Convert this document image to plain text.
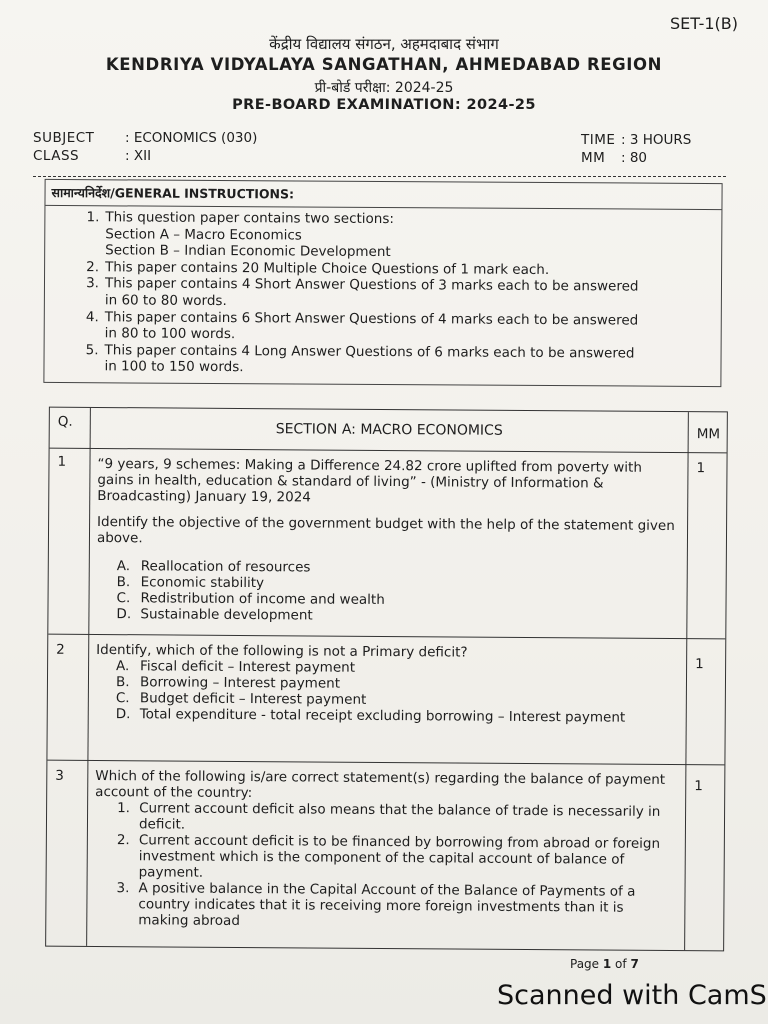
SET-1(B)
केंद्रीय विद्यालय संगठन, अहमदाबाद संभाग
KENDRIYA VIDYALAYA SANGATHAN, AHMEDABAD REGION
प्री-बोर्ड परीक्षा: 2024-25
PRE-BOARD EXAMINATION: 2024-25
SUBJECT : ECONOMICS (030)
CLASS	: XII
TIME : 3 HOURS
MM : 80
सामान्यनिर्देश/GENERAL INSTRUCTIONS:
1. This question paper contains two sections:
Section A – Macro Economics
Section B – Indian Economic Development
2. This paper contains 20 Multiple Choice Questions of 1 mark each.
3. This paper contains 4 Short Answer Questions of 3 marks each to be answered
in 60 to 80 words.
4. This paper contains 6 Short Answer Questions of 4 marks each to be answered
in 80 to 100 words.
5. This paper contains 4 Long Answer Questions of 6 marks each to be answered
in 100 to 150 words.
Q.	SECTION A: MACRO ECONOMICS	MM
1 “9 years, 9 schemes: Making a Difference 24.82 crore uplifted from poverty with gains in health, education & standard of living” - (Ministry of Information & Broadcasting) January 19, 2024

Identify the objective of the government budget with the help of the statement given above.

A. Reallocation of resources
B. Economic stability
C. Redistribution of income and wealth
D. Sustainable development
1
2 Identify, which of the following is not a Primary deficit?

A. Fiscal deficit – Interest payment
B. Borrowing – Interest payment
C. Budget deficit – Interest payment
D. Total expenditure - total receipt excluding borrowing – Interest payment
1
3 Which of the following is/are correct statement(s) regarding the balance of payment account of the country:

1. Current account deficit also means that the balance of trade is necessarily in deficit.
2. Current account deficit is to be financed by borrowing from abroad or foreign investment which is the component of the capital account of balance of payment.
3. A positive balance in the Capital Account of the Balance of Payments of a country indicates that it is receiving more foreign investments than it is making abroad
1
Page 1 of 7
Scanned with CamS
